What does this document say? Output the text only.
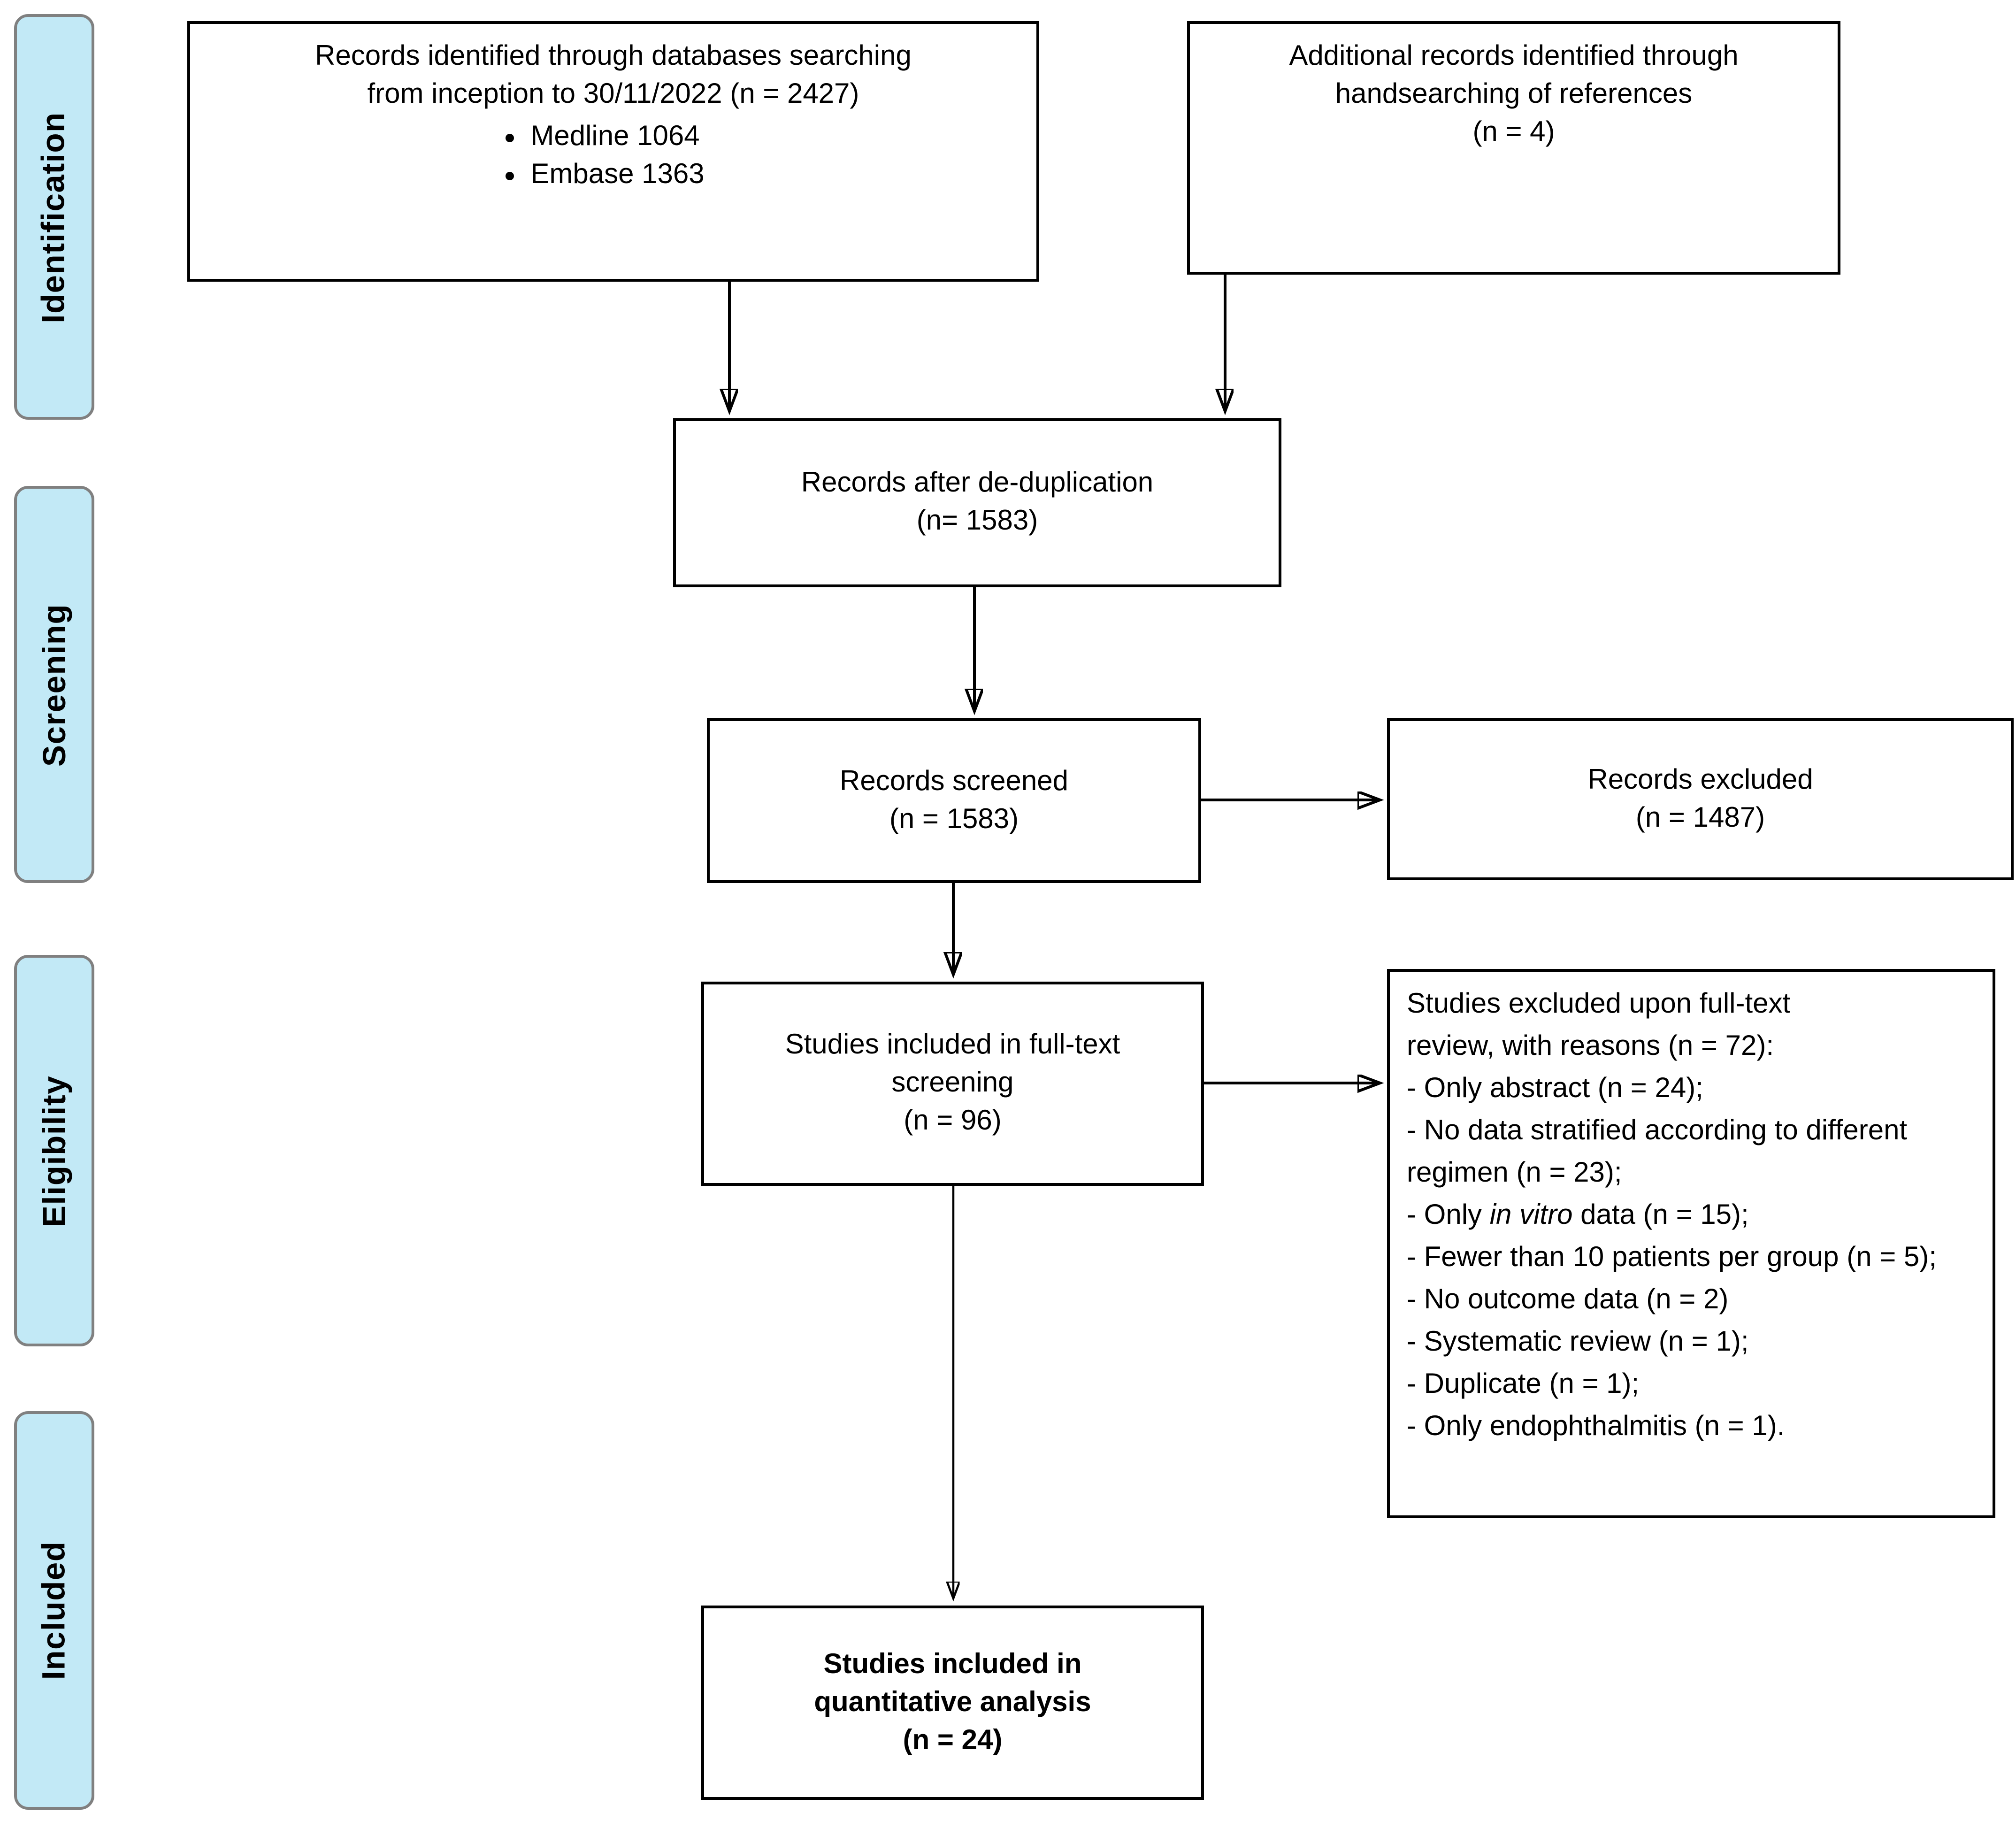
Identification
Screening
Eligibility
Included
Records identified through databases searching
from inception to 30/11/2022 (n = 2427)
• Medline 1064
• Embase 1363
Additional records identified through
handsearching of references
(n = 4)
Records after de-duplication
(n= 1583)
Records screened
(n = 1583)
Records excluded
(n = 1487)
Studies included in full-text
screening
(n = 96)
Studies excluded upon full-text
review, with reasons (n = 72):
- Only abstract (n = 24);
- No data stratified according to different regimen (n = 23);
- Only in vitro data (n = 15);
- Fewer than 10 patients per group (n = 5);
- No outcome data (n = 2)
- Systematic review (n = 1);
- Duplicate (n = 1);
- Only endophthalmitis (n = 1).
Studies included in
quantitative analysis
(n = 24)
